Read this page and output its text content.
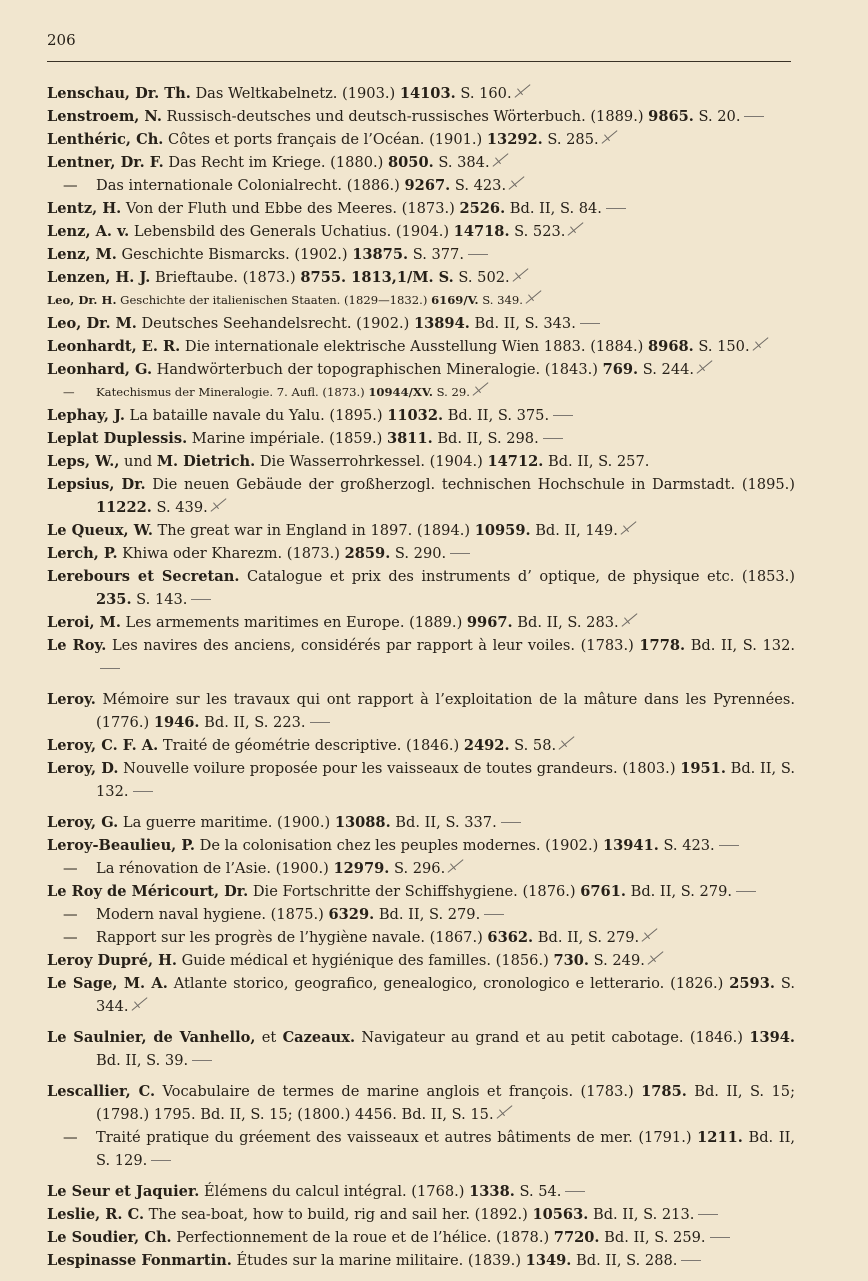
206
Lenschau, Dr. Th. Das Weltkabelnetz. (1903.) 14103. S. 160.
Lenstroem, N. Russisch-deutsches und deutsch-russisches Wörterbuch. (1889.) 9865. S. 20.
Lenthéric, Ch. Côtes et ports français de l’Océan. (1901.) 13292. S. 285.
Lentner, Dr. F. Das Recht im Kriege. (1880.) 8050. S. 384.
— Das internationale Colonialrecht. (1886.) 9267. S. 423.
Lentz, H. Von der Fluth und Ebbe des Meeres. (1873.) 2526. Bd. II, S. 84.
Lenz, A. v. Lebensbild des Generals Uchatius. (1904.) 14718. S. 523.
Lenz, M. Geschichte Bismarcks. (1902.) 13875. S. 377.
Lenzen, H. J. Brieftaube. (1873.) 8755. 1813,1/M. S. S. 502.
Leo, Dr. H. Geschichte der italienischen Staaten. (1829—1832.) 6169/V. S. 349.
Leo, Dr. M. Deutsches Seehandelsrecht. (1902.) 13894. Bd. II, S. 343.
Leonhardt, E. R. Die internationale elektrische Ausstellung Wien 1883. (1884.) 8968. S. 150.
Leonhard, G. Handwörterbuch der topographischen Mineralogie. (1843.) 769. S. 244.
— Katechismus der Mineralogie. 7. Aufl. (1873.) 10944/XV. S. 29.
Lephay, J. La bataille navale du Yalu. (1895.) 11032. Bd. II, S. 375.
Leplat Duplessis. Marine impériale. (1859.) 3811. Bd. II, S. 298.
Leps, W., und M. Dietrich. Die Wasserrohrkessel. (1904.) 14712. Bd. II, S. 257.
Lepsius, Dr. Die neuen Gebäude der großherzogl. technischen Hochschule in Darmstadt. (1895.) 11222. S. 439.
Le Queux, W. The great war in England in 1897. (1894.) 10959. Bd. II, 149.
Lerch, P. Khiwa oder Kharezm. (1873.) 2859. S. 290.
Lerebours et Secretan. Catalogue et prix des instruments d’ optique, de physique etc. (1853.) 235. S. 143.
Leroi, M. Les armements maritimes en Europe. (1889.) 9967. Bd. II, S. 283.
Le Roy. Les navires des anciens, considérés par rapport à leur voiles. (1783.) 1778. Bd. II, S. 132.
Leroy. Mémoire sur les travaux qui ont rapport à l’exploitation de la mâture dans les Pyrennées. (1776.) 1946. Bd. II, S. 223.
Leroy, C. F. A. Traité de géométrie descriptive. (1846.) 2492. S. 58.
Leroy, D. Nouvelle voilure proposée pour les vaisseaux de toutes grandeurs. (1803.) 1951. Bd. II, S. 132.
Leroy, G. La guerre maritime. (1900.) 13088. Bd. II, S. 337.
Leroy-Beaulieu, P. De la colonisation chez les peuples modernes. (1902.) 13941. S. 423.
— La rénovation de l’Asie. (1900.) 12979. S. 296.
Le Roy de Méricourt, Dr. Die Fortschritte der Schiffshygiene. (1876.) 6761. Bd. II, S. 279.
— Modern naval hygiene. (1875.) 6329. Bd. II, S. 279.
— Rapport sur les progrès de l’hygiène navale. (1867.) 6362. Bd. II, S. 279.
Leroy Dupré, H. Guide médical et hygiénique des familles. (1856.) 730. S. 249.
Le Sage, M. A. Atlante storico, geografico, genealogico, cronologico e letterario. (1826.) 2593. S. 344.
Le Saulnier, de Vanhello, et Cazeaux. Navigateur au grand et au petit cabotage. (1846.) 1394. Bd. II, S. 39.
Lescallier, C. Vocabulaire de termes de marine anglois et françois. (1783.) 1785. Bd. II, S. 15; (1798.) 1795. Bd. II, S. 15; (1800.) 4456. Bd. II, S. 15.
— Traité pratique du gréement des vaisseaux et autres bâtiments de mer. (1791.) 1211. Bd. II, S. 129.
Le Seur et Jaquier. Élémens du calcul intégral. (1768.) 1338. S. 54.
Leslie, R. C. The sea-boat, how to build, rig and sail her. (1892.) 10563. Bd. II, S. 213.
Le Soudier, Ch. Perfectionnement de la roue et de l’hélice. (1878.) 7720. Bd. II, S. 259.
Lespinasse Fonmartin. Études sur la marine militaire. (1839.) 1349. Bd. II, S. 288.
